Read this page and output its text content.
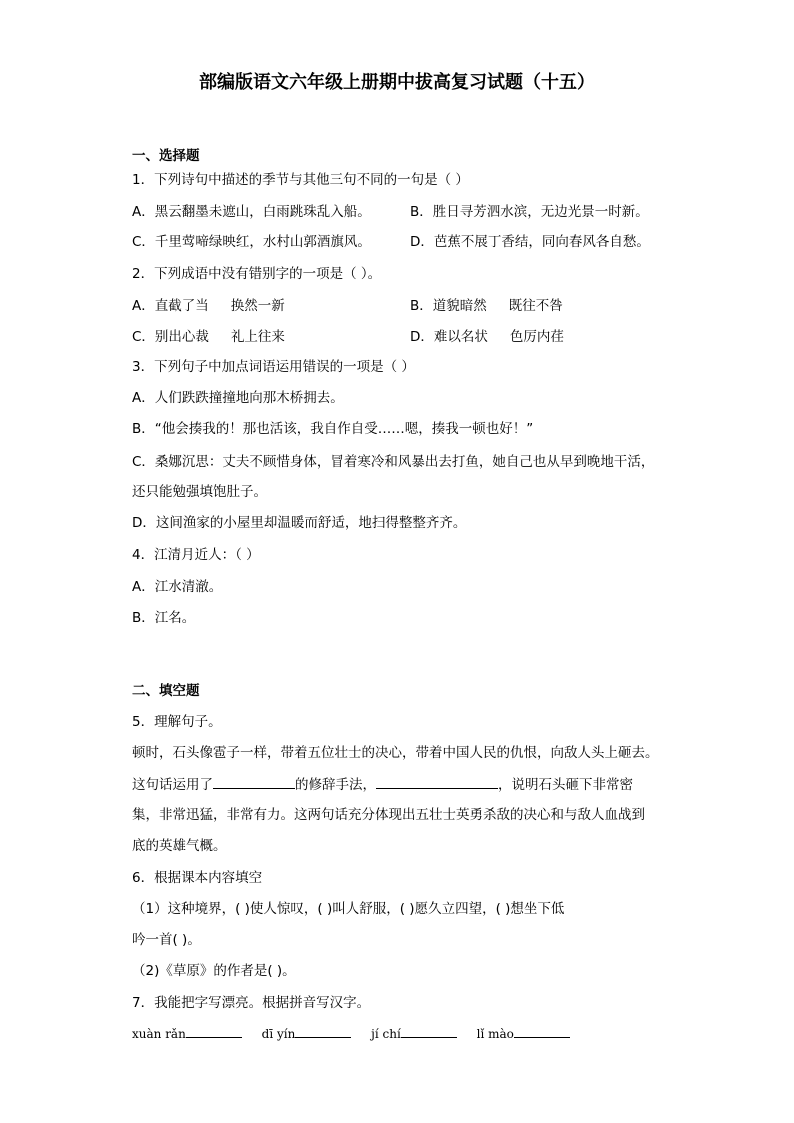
部编版语文六年级上册期中拔高复习试题（十五）
一、选择题
1．下列诗句中描述的季节与其他三句不同的一句是（ ）
A．黑云翻墨未遮山，白雨跳珠乱入船。	B．胜日寻芳泗水滨，无边光景一时新。
C．千里莺啼绿映红，水村山郭酒旗风。	D．芭蕉不展丁香结，同向春风各自愁。
2．下列成语中没有错别字的一项是（ ）。
A．直截了当 换然一新	B．道貌暗然 既往不咎
C．别出心裁 礼上往来	D．难以名状 色厉内荏
3．下列句子中加点词语运用错误的一项是（ ）
A．人们跌跌撞撞地向那木桥拥去。
B．“他会揍我的！那也活该，我自作自受……嗯，揍我一顿也好！”
C．桑娜沉思：丈夫不顾惜身体，冒着寒冷和风暴出去打鱼，她自己也从早到晚地干活，
还只能勉强填饱肚子。
D．这间渔家的小屋里却温暖而舒适，地扫得整整齐齐。
4．江清月近人：（ ）
A．江水清澈。
B．江名。
二、填空题
5．理解句子。
顿时，石头像雹子一样，带着五位壮士的决心，带着中国人民的仇恨，向敌人头上砸去。
这句话运用了	的修辞手法，	，说明石头砸下非常密
集，非常迅猛，非常有力。这两句话充分体现出五壮士英勇杀敌的决心和与敌人血战到
底的英雄气概。
6．根据课本内容填空
（1）这种境界，( )使人惊叹，( )叫人舒服，( )愿久立四望，( )想坐下低
吟一首( )。
（2)《草原》的作者是( )。
7．我能把字写漂亮。根据拼音写汉字。
xuàn rǎn	dī yín	jí chí	lǐ mào
